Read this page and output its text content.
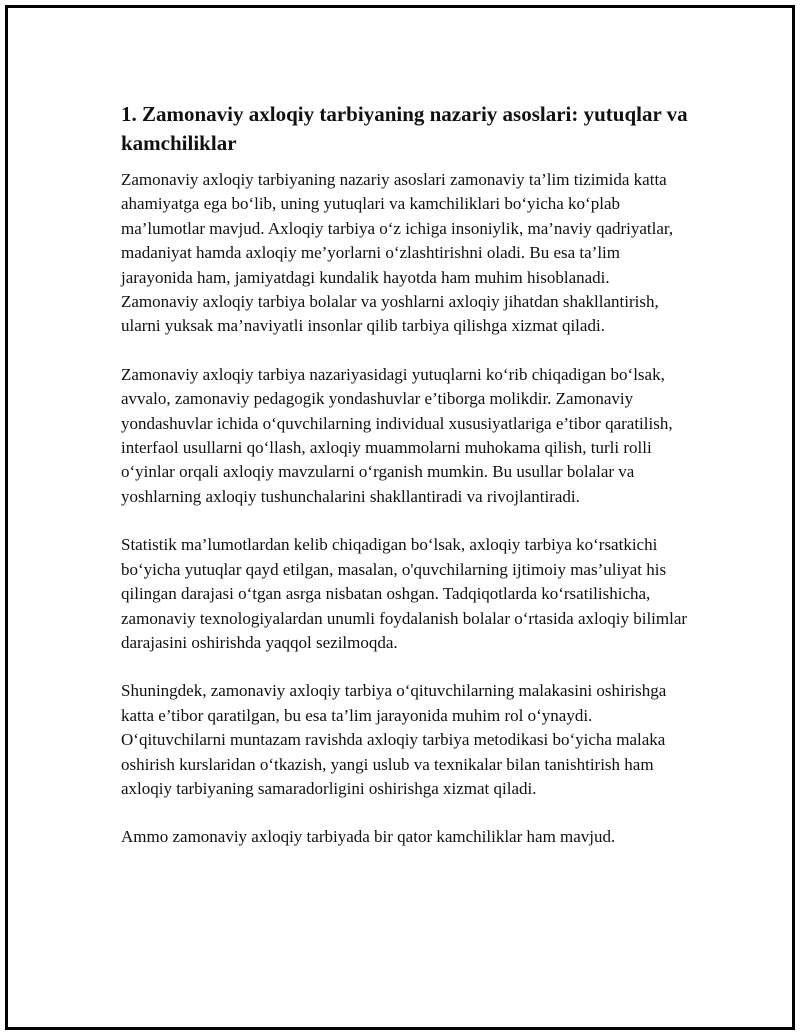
1. Zamonaviy axloqiy tarbiyaning nazariy asoslari: yutuqlar va kamchiliklar

Zamonaviy axloqiy tarbiyaning nazariy asoslari zamonaviy ta’lim tizimida katta ahamiyatga ega bo‘lib, uning yutuqlari va kamchiliklari bo‘yicha ko‘plab ma’lumotlar mavjud. Axloqiy tarbiya o‘z ichiga insoniylik, ma’naviy qadriyatlar, madaniyat hamda axloqiy me’yorlarni o‘zlashtirishni oladi. Bu esa ta’lim jarayonida ham, jamiyatdagi kundalik hayotda ham muhim hisoblanadi. Zamonaviy axloqiy tarbiya bolalar va yoshlarni axloqiy jihatdan shakllantirish, ularni yuksak ma’naviyatli insonlar qilib tarbiya qilishga xizmat qiladi.

Zamonaviy axloqiy tarbiya nazariyasidagi yutuqlarni ko‘rib chiqadigan bo‘lsak, avvalo, zamonaviy pedagogik yondashuvlar e’tiborga molikdir. Zamonaviy yondashuvlar ichida o‘quvchilarning individual xususiyatlariga e’tibor qaratilish, interfaol usullarni qo‘llash, axloqiy muammolarni muhokama qilish, turli rolli o‘yinlar orqali axloqiy mavzularni o‘rganish mumkin. Bu usullar bolalar va yoshlarning axloqiy tushunchalarini shakllantiradi va rivojlantiradi.

Statistik ma’lumotlardan kelib chiqadigan bo‘lsak, axloqiy tarbiya ko‘rsatkichi bo‘yicha yutuqlar qayd etilgan, masalan, o'quvchilarning ijtimoiy mas’uliyat his qilingan darajasi o‘tgan asrga nisbatan oshgan. Tadqiqotlarda ko‘rsatilishicha, zamonaviy texnologiyalardan unumli foydalanish bolalar o‘rtasida axloqiy bilimlar darajasini oshirishda yaqqol sezilmoqda.

Shuningdek, zamonaviy axloqiy tarbiya o‘qituvchilarning malakasini oshirishga katta e’tibor qaratilgan, bu esa ta’lim jarayonida muhim rol o‘ynaydi. O‘qituvchilarni muntazam ravishda axloqiy tarbiya metodikasi bo‘yicha malaka oshirish kurslaridan o‘tkazish, yangi uslub va texnikalar bilan tanishtirish ham axloqiy tarbiyaning samaradorligini oshirishga xizmat qiladi.

Ammo zamonaviy axloqiy tarbiyada bir qator kamchiliklar ham mavjud.
